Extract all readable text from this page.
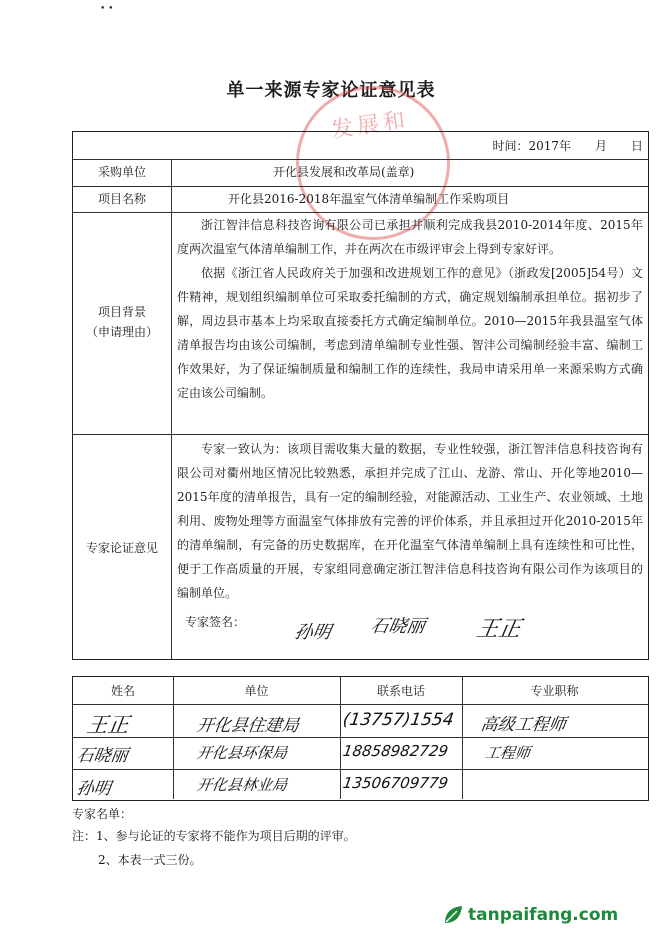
• •
单一来源专家论证意见表
发展和
时间：2017年　　月　　日
采购单位	开化县发展和改革局(盖章)
项目名称	开化县2016-2018年温室气体清单编制工作采购项目
项目背景
（申请理由）

浙江智沣信息科技咨询有限公司已承担并顺利完成我县2010-2014年度、2015年度两次温室气体清单编制工作，并在两次在市级评审会上得到专家好评。

依据《浙江省人民政府关于加强和改进规划工作的意见》（浙政发[2005]54号）文件精神，规划组织编制单位可采取委托编制的方式，确定规划编制承担单位。据初步了解，周边县市基本上均采取直接委托方式确定编制单位。2010—2015年我县温室气体清单报告均由该公司编制，考虑到清单编制专业性强、智沣公司编制经验丰富、编制工作效果好，为了保证编制质量和编制工作的连续性，我局申请采用单一来源采购方式确定由该公司编制。

专家论证意见

专家一致认为：该项目需收集大量的数据，专业性较强，浙江智沣信息科技咨询有限公司对衢州地区情况比较熟悉，承担并完成了江山、龙游、常山、开化等地2010—2015年度的清单报告，具有一定的编制经验，对能源活动、工业生产、农业领域、土地利用、废物处理等方面温室气体排放有完善的评价体系，并且承担过开化2010-2015年的清单编制，有完备的历史数据库，在开化温室气体清单编制上具有连续性和可比性，便于工作高质量的开展，专家组同意确定浙江智沣信息科技咨询有限公司作为该项目的编制单位。

专家签名：	孙明 石晓丽 王正
姓名	单位	联系电话	专业职称
王正	开化县住建局 (13757)1554 高级工程师
石晓丽	开化县环保局	18858982729 工程师
孙明	开化县林业局	13506709779
专家名单：
注：1、参与论证的专家将不能作为项目后期的评审。
2、本表一式三份。
tanpaifang.com
